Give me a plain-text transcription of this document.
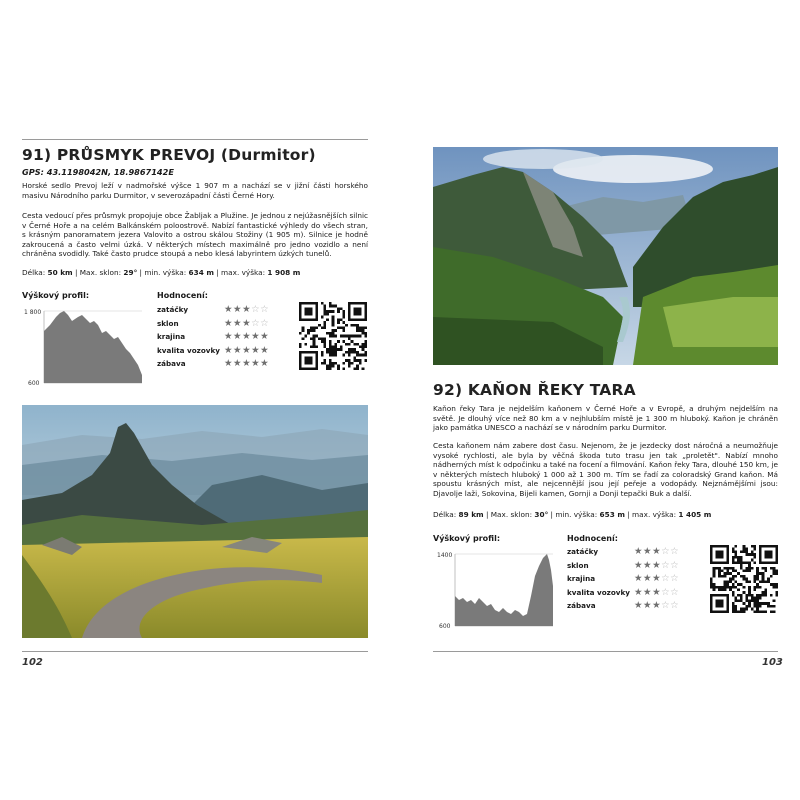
91) PRŮSMYK PREVOJ (Durmitor)
GPS: 43.1198042N, 18.9867142E

Horské sedlo Prevoj leží v nadmořské výšce 1 907 m a nachází se v jižní části horského masivu Národního parku Durmitor, v severozápadní části Černé Hory.

Cesta vedoucí přes průsmyk propojuje obce Žabljak a Plužine. Je jednou z nejúžasnějších silnic v Černé Hoře a na celém Balkánském poloostrově. Nabízí fantastické výhledy do všech stran, s krásným panoramatem jezera Valovito a ostrou skálou Stožiny (1 905 m). Silnice je hodně zakroucená a často velmi úzká. V některých místech maximálně pro jedno vozidlo a není chráněna svodidly. Také často prudce stoupá a nebo klesá labyrintem úzkých tunelů.

Délka: 50 km | Max. sklon: 29° | min. výška: 634 m | max. výška: 1 908 m
Výškový profil:
1 800
600
Hodnocení:
zatáčky	★★★☆☆
sklon	★★★☆☆
krajina	★★★★★
kvalita vozovky ★★★★★
zábava	★★★★★
102
92) KAŇON ŘEKY TARA

Kaňon řeky Tara je nejdelším kaňonem v Černé Hoře a v Evropě, a druhým nejdelším na světě. Je dlouhý více než 80 km a v nejhlubším místě je 1 300 m hluboký. Kaňon je chráněn jako památka UNESCO a nachází se v národním parku Durmitor.

Cesta kaňonem nám zabere dost času. Nejenom, že je jezdecky dost náročná a neumožňuje vysoké rychlosti, ale byla by věčná škoda tuto trasu jen tak „proletět". Nabízí mnoho nádherných míst k odpočinku a také na focení a filmování. Kaňon řeky Tara, dlouhé 150 km, je v některých místech hluboký 1 000 až 1 300 m. Tím se řadí za coloradský Grand kaňon. Má spoustu krásných míst, ale nejcennější jsou její peřeje a vodopády. Nejznámějšími jsou: Djavolje laži, Sokovina, Bijeli kamen, Gornji a Donji tepački Buk a další.

Délka: 89 km | Max. sklon: 30° | min. výška: 653 m | max. výška: 1 405 m
Výškový profil:
1400
600
Hodnocení:
zatáčky	★★★☆☆
sklon	★★★☆☆
krajina	★★★☆☆
kvalita vozovky ★★★☆☆
zábava	★★★☆☆
103
